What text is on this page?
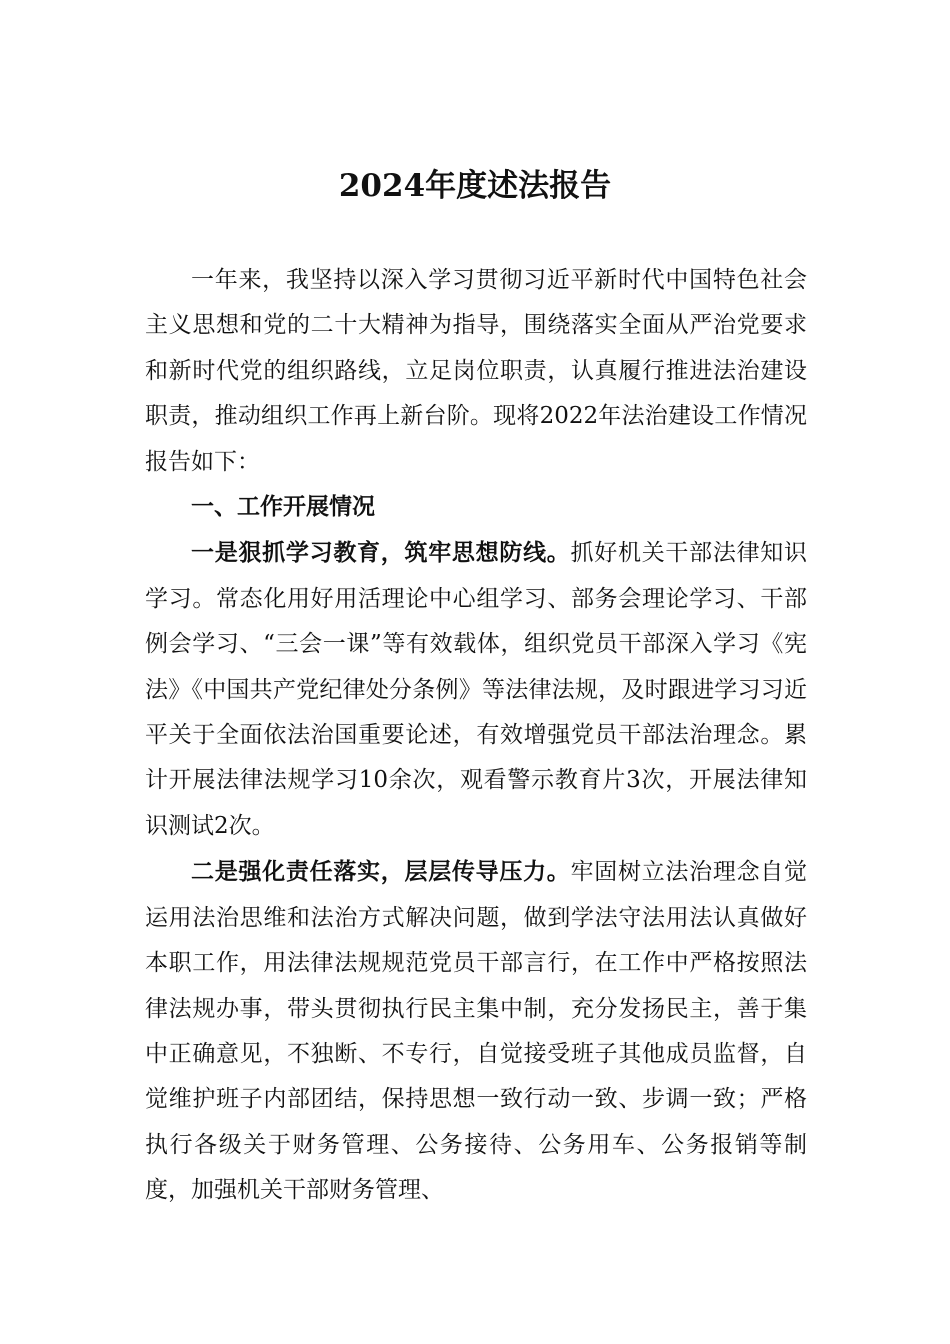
2024年度述法报告

一年来，我坚持以深入学习贯彻习近平新时代中国特色社会主义思想和党的二十大精神为指导，围绕落实全面从严治党要求和新时代党的组织路线，立足岗位职责，认真履行推进法治建设职责，推动组织工作再上新台阶。现将2022年法治建设工作情况报告如下：

一、工作开展情况

一是狠抓学习教育，筑牢思想防线。抓好机关干部法律知识学习。常态化用好用活理论中心组学习、部务会理论学习、干部例会学习、“三会一课”等有效载体，组织党员干部深入学习《宪法》《中国共产党纪律处分条例》等法律法规，及时跟进学习习近平关于全面依法治国重要论述，有效增强党员干部法治理念。累计开展法律法规学习10余次，观看警示教育片3次，开展法律知识测试2次。

二是强化责任落实，层层传导压力。牢固树立法治理念自觉运用法治思维和法治方式解决问题，做到学法守法用法认真做好本职工作，用法律法规规范党员干部言行，在工作中严格按照法律法规办事，带头贯彻执行民主集中制，充分发扬民主，善于集中正确意见，不独断、不专行，自觉接受班子其他成员监督，自觉维护班子内部团结，保持思想一致行动一致、步调一致；严格执行各级关于财务管理、公务接待、公务用车、公务报销等制度，加强机关干部财务管理、
